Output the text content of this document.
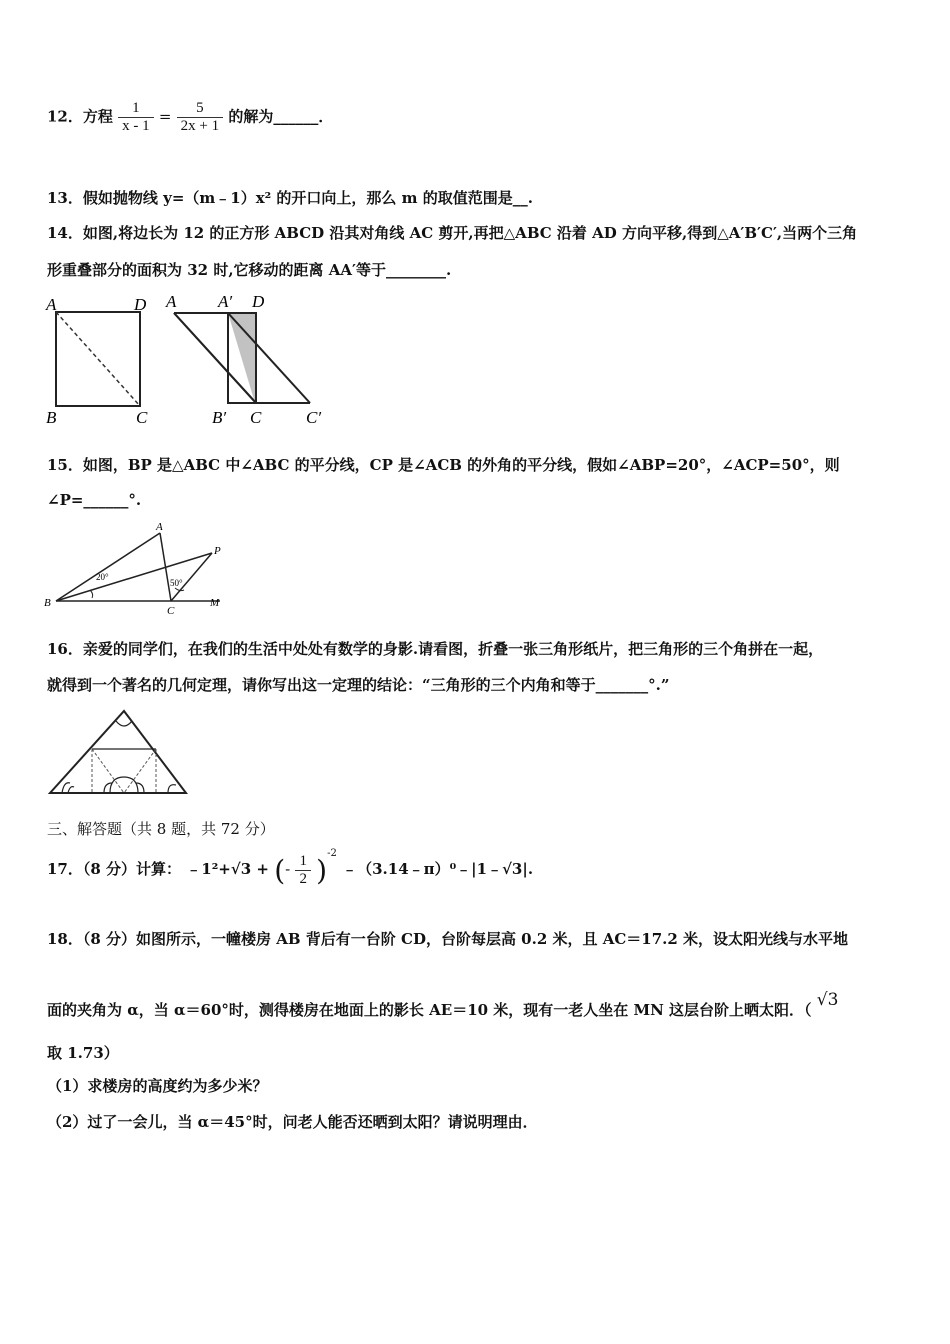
12．方程 $\frac{1}{x - 1} = \frac{5}{2x + 1}$ 的解为______．
13．假如抛物线 y=（m﹣1）x² 的开口向上，那么 m 的取值范围是__.
14．如图,将边长为 12 的正方形 ABCD 沿其对角线 AC 剪开,再把△ABC 沿着 AD 方向平移,得到△A′B′C′,当两个三角
形重叠部分的面积为 32 时,它移动的距离 AA′等于________.
A	D
B	C
A A′ D
B′ C	C′
15．如图，BP 是△ABC 中∠ABC 的平分线，CP 是∠ACB 的外角的平分线，假如∠ABP=20°，∠ACP=50°，则
∠P=______°.
A
B
C
P
M
20°
50°
16．亲爱的同学们，在我们的生活中处处有数学的身影.请看图，折叠一张三角形纸片，把三角形的三个角拼在一起，
就得到一个著名的几何定理，请你写出这一定理的结论：“三角形的三个内角和等于_______°.”
三、解答题（共 8 题，共 72 分）
17．（8 分）计算： ﹣1²+√3 + (- $\frac{1}{2} )^{-2}$ ﹣（3.14﹣π）⁰﹣|1﹣√3|.
18．（8 分）如图所示，一幢楼房 AB 背后有一台阶 CD，台阶每层高 0.2 米，且 AC＝17.2 米，设太阳光线与水平地
面的夹角为 α，当 α＝60°时，测得楼房在地面上的影长 AE＝10 米，现有一老人坐在 MN 这层台阶上晒太阳．（ √3
取 1.73）
（1）求楼房的高度约为多少米？
（2）过了一会儿，当 α＝45°时，问老人能否还晒到太阳？请说明理由．
